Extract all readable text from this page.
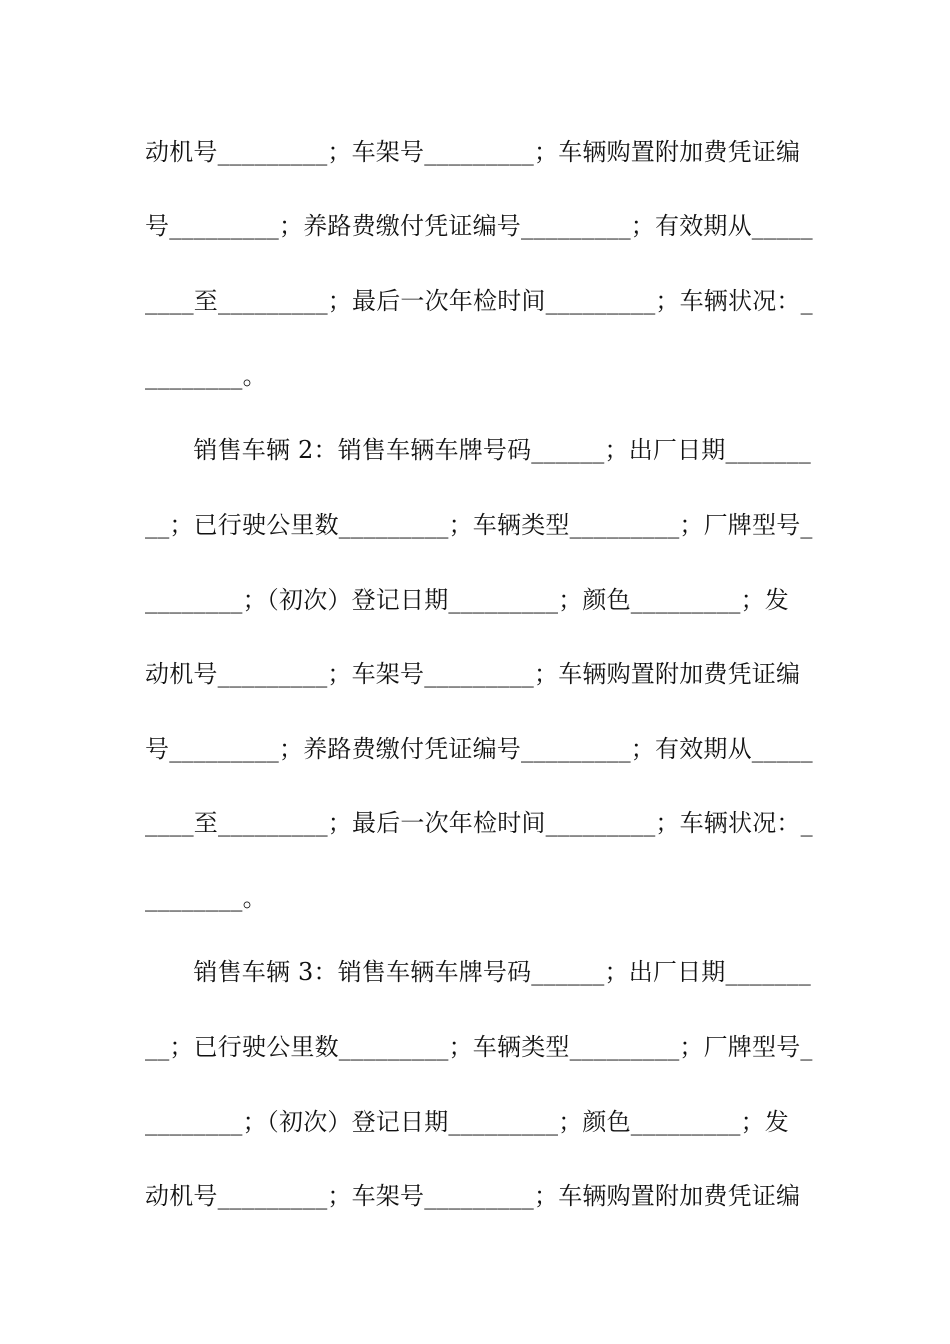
动机号_________；车架号_________；车辆购置附加费凭证编
号_________；养路费缴付凭证编号_________；有效期从_____
____至_________；最后一次年检时间_________；车辆状况：_
________。
　　销售车辆 2：销售车辆车牌号码______；出厂日期_______
__；已行驶公里数_________；车辆类型_________；厂牌型号_
________；（初次）登记日期_________；颜色_________；发
动机号_________；车架号_________；车辆购置附加费凭证编
号_________；养路费缴付凭证编号_________；有效期从_____
____至_________；最后一次年检时间_________；车辆状况：_
________。
　　销售车辆 3：销售车辆车牌号码______；出厂日期_______
__；已行驶公里数_________；车辆类型_________；厂牌型号_
________；（初次）登记日期_________；颜色_________；发
动机号_________；车架号_________；车辆购置附加费凭证编
